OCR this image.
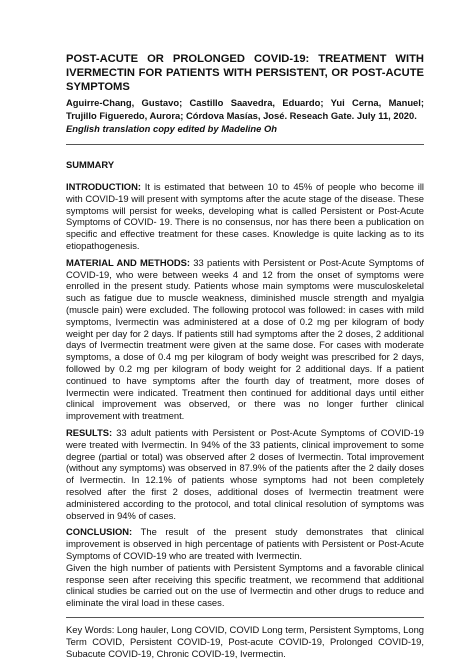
POST-ACUTE OR PROLONGED COVID-19: TREATMENT WITH IVERMECTIN FOR PATIENTS WITH PERSISTENT, OR POST-ACUTE SYMPTOMS

Aguirre-Chang, Gustavo; Castillo Saavedra, Eduardo; Yui Cerna, Manuel; Trujillo Figueredo, Aurora; Córdova Masías, José. Reseach Gate. July 11, 2020.

English translation copy edited by Madeline Oh

SUMMARY

INTRODUCTION: It is estimated that between 10 to 45% of people who become ill with COVID-19 will present with symptoms after the acute stage of the disease. These symptoms will persist for weeks, developing what is called Persistent or Post-Acute Symptoms of COVID- 19. There is no consensus, nor has there been a publication on specific and effective treatment for these cases. Knowledge is quite lacking as to its etiopathogenesis.

MATERIAL AND METHODS: 33 patients with Persistent or Post-Acute Symptoms of COVID-19, who were between weeks 4 and 12 from the onset of symptoms were enrolled in the present study. Patients whose main symptoms were musculoskeletal such as fatigue due to muscle weakness, diminished muscle strength and myalgia (muscle pain) were excluded. The following protocol was followed: in cases with mild symptoms, Ivermectin was administered at a dose of 0.2 mg per kilogram of body weight per day for 2 days. If patients still had symptoms after the 2 doses, 2 additional days of Ivermectin treatment were given at the same dose. For cases with moderate symptoms, a dose of 0.4 mg per kilogram of body weight was prescribed for 2 days, followed by 0.2 mg per kilogram of body weight for 2 additional days. If a patient continued to have symptoms after the fourth day of treatment, more doses of Ivermectin were indicated. Treatment then continued for additional days until either clinical improvement was observed, or there was no longer further clinical improvement with treatment.

RESULTS: 33 adult patients with Persistent or Post-Acute Symptoms of COVID-19 were treated with Ivermectin. In 94% of the 33 patients, clinical improvement to some degree (partial or total) was observed after 2 doses of Ivermectin. Total improvement (without any symptoms) was observed in 87.9% of the patients after the 2 daily doses of Ivermectin. In 12.1% of patients whose symptoms had not been completely resolved after the first 2 doses, additional doses of Ivermectin treatment were administered according to the protocol, and total clinical resolution of symptoms was observed in 94% of cases.

CONCLUSION: The result of the present study demonstrates that clinical improvement is observed in high percentage of patients with Persistent or Post-Acute Symptoms of COVID-19 who are treated with Ivermectin.

Given the high number of patients with Persistent Symptoms and a favorable clinical response seen after receiving this specific treatment, we recommend that additional clinical studies be carried out on the use of Ivermectin and other drugs to reduce and eliminate the viral load in these cases.

Key Words: Long hauler, Long COVID, COVID Long term, Persistent Symptoms, Long Term COVID, Persistent COVID-19, Post-acute COVID-19, Prolonged COVID-19, Subacute COVID-19, Chronic COVID-19, Ivermectin.
